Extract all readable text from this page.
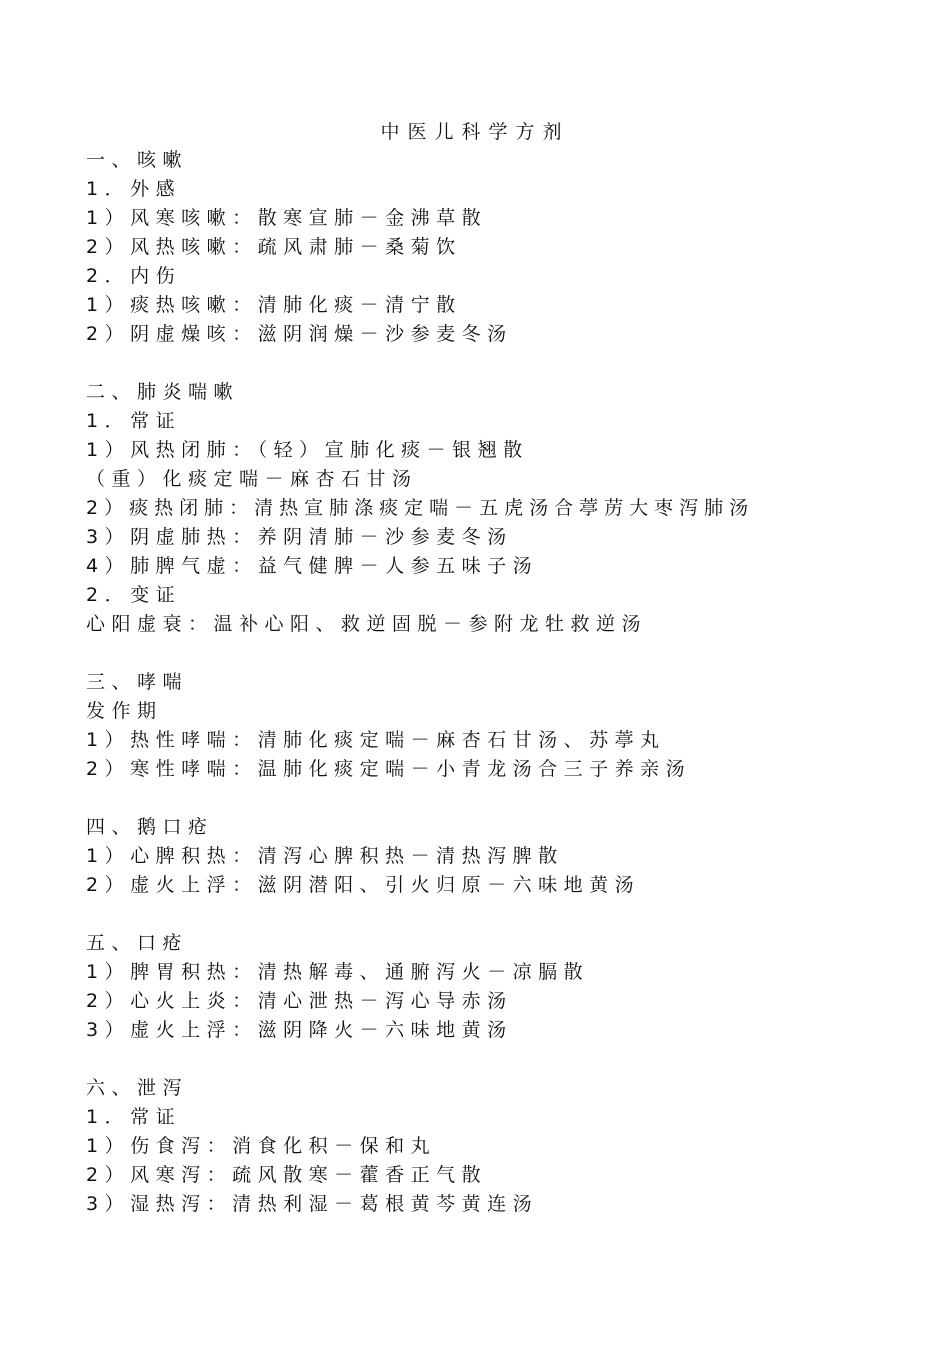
中医儿科学方剂
一、咳嗽
1．外感
1）风寒咳嗽：散寒宣肺－金沸草散
2）风热咳嗽：疏风肃肺－桑菊饮
2．内伤
1）痰热咳嗽：清肺化痰－清宁散
2）阴虚燥咳：滋阴润燥－沙参麦冬汤
二、肺炎喘嗽
1．常证
1）风热闭肺：（轻）宣肺化痰－银翘散
（重）化痰定喘－麻杏石甘汤
2）痰热闭肺：清热宣肺涤痰定喘－五虎汤合葶苈大枣泻肺汤
3）阴虚肺热：养阴清肺－沙参麦冬汤
4）肺脾气虚：益气健脾－人参五味子汤
2．变证
心阳虚衰：温补心阳、救逆固脱－参附龙牡救逆汤
三、哮喘
发作期
1）热性哮喘：清肺化痰定喘－麻杏石甘汤、苏葶丸
2）寒性哮喘：温肺化痰定喘－小青龙汤合三子养亲汤
四、鹅口疮
1）心脾积热：清泻心脾积热－清热泻脾散
2）虚火上浮：滋阴潜阳、引火归原－六味地黄汤
五、口疮
1）脾胃积热：清热解毒、通腑泻火－凉膈散
2）心火上炎：清心泄热－泻心导赤汤
3）虚火上浮：滋阴降火－六味地黄汤
六、泄泻
1．常证
1）伤食泻：消食化积－保和丸
2）风寒泻：疏风散寒－藿香正气散
3）湿热泻：清热利湿－葛根黄芩黄连汤
